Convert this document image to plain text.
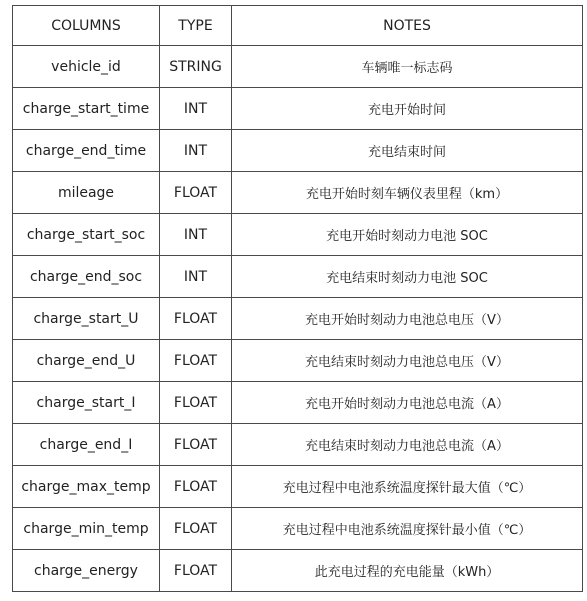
COLUMNS	TYPE	NOTES
vehicle_id	STRING	车辆唯一标志码
charge_start_time	INT	充电开始时间
charge_end_time	INT	充电结束时间
mileage	FLOAT	充电开始时刻车辆仪表里程（km）
charge_start_soc	INT	充电开始时刻动力电池 SOC
charge_end_soc	INT	充电结束时刻动力电池 SOC
charge_start_U	FLOAT	充电开始时刻动力电池总电压（V）
charge_end_U	FLOAT	充电结束时刻动力电池总电压（V）
charge_start_I	FLOAT	充电开始时刻动力电池总电流（A）
charge_end_I	FLOAT	充电结束时刻动力电池总电流（A）
charge_max_temp	FLOAT	充电过程中电池系统温度探针最大值（℃）
charge_min_temp	FLOAT	充电过程中电池系统温度探针最小值（℃）
charge_energy	FLOAT	此充电过程的充电能量（kWh）
